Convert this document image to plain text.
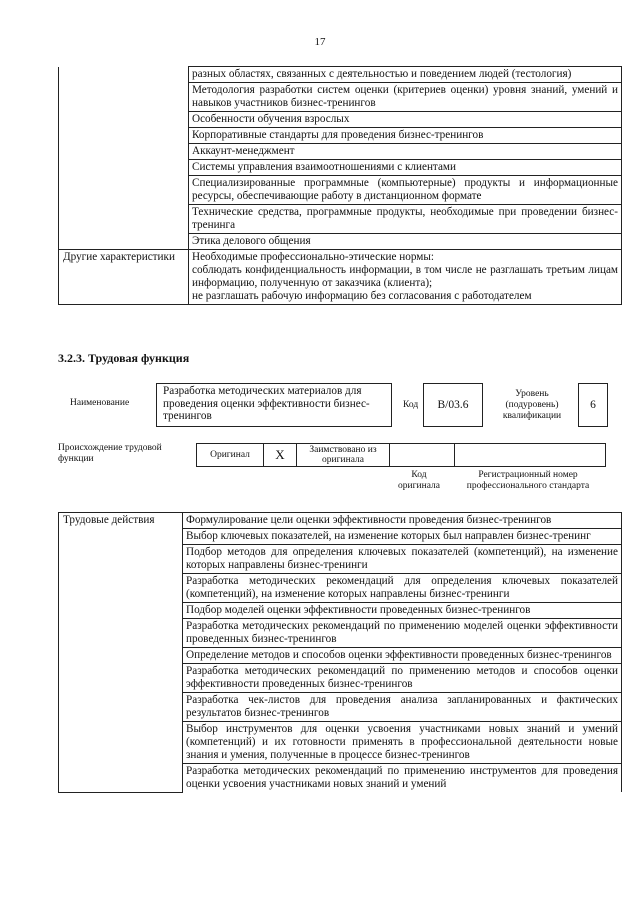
17
	разных областях, связанных с деятельностью и поведением людей (тестология)
	Методология разработки систем оценки (критериев оценки) уровня знаний, умений и навыков участников бизнес-тренингов
	Особенности обучения взрослых
	Корпоративные стандарты для проведения бизнес-тренингов
	Аккаунт-менеджмент
	Системы управления взаимоотношениями с клиентами
	Специализированные программные (компьютерные) продукты и информационные ресурсы, обеспечивающие работу в дистанционном формате
	Технические средства, программные продукты, необходимые при проведении бизнес-тренинга
	Этика делового общения
Другие характеристики	Необходимые профессионально-этические нормы:
соблюдать конфиденциальность информации, в том числе не разглашать третьим лицам информацию, полученную от заказчика (клиента);
не разглашать рабочую информацию без согласования с работодателем
3.2.3. Трудовая функция
Наименование
Разработка методических материалов для проведения оценки эффективности бизнес-тренингов
Код	B/03.6
Уровень (подуровень) квалификации
6
Происхождение трудовой функции	Оригинал	X	Заимствовано из оригинала		
Код оригинала
Регистрационный номер профессионального стандарта
Трудовые действия	Формулирование цели оценки эффективности проведения бизнес-тренингов
Выбор ключевых показателей, на изменение которых был направлен бизнес-тренинг
Подбор методов для определения ключевых показателей (компетенций), на изменение которых направлены бизнес-тренинги
Разработка методических рекомендаций для определения ключевых показателей (компетенций), на изменение которых направлены бизнес-тренинги
Подбор моделей оценки эффективности проведенных бизнес-тренингов
Разработка методических рекомендаций по применению моделей оценки эффективности проведенных бизнес-тренингов
Определение методов и способов оценки эффективности проведенных бизнес-тренингов
Разработка методических рекомендаций по применению методов и способов оценки эффективности проведенных бизнес-тренингов
Разработка чек-листов для проведения анализа запланированных и фактических результатов бизнес-тренингов
Выбор инструментов для оценки усвоения участниками новых знаний и умений (компетенций) и их готовности применять в профессиональной деятельности новые знания и умения, полученные в процессе бизнес-тренингов
Разработка методических рекомендаций по применению инструментов для проведения оценки усвоения участниками новых знаний и умений
